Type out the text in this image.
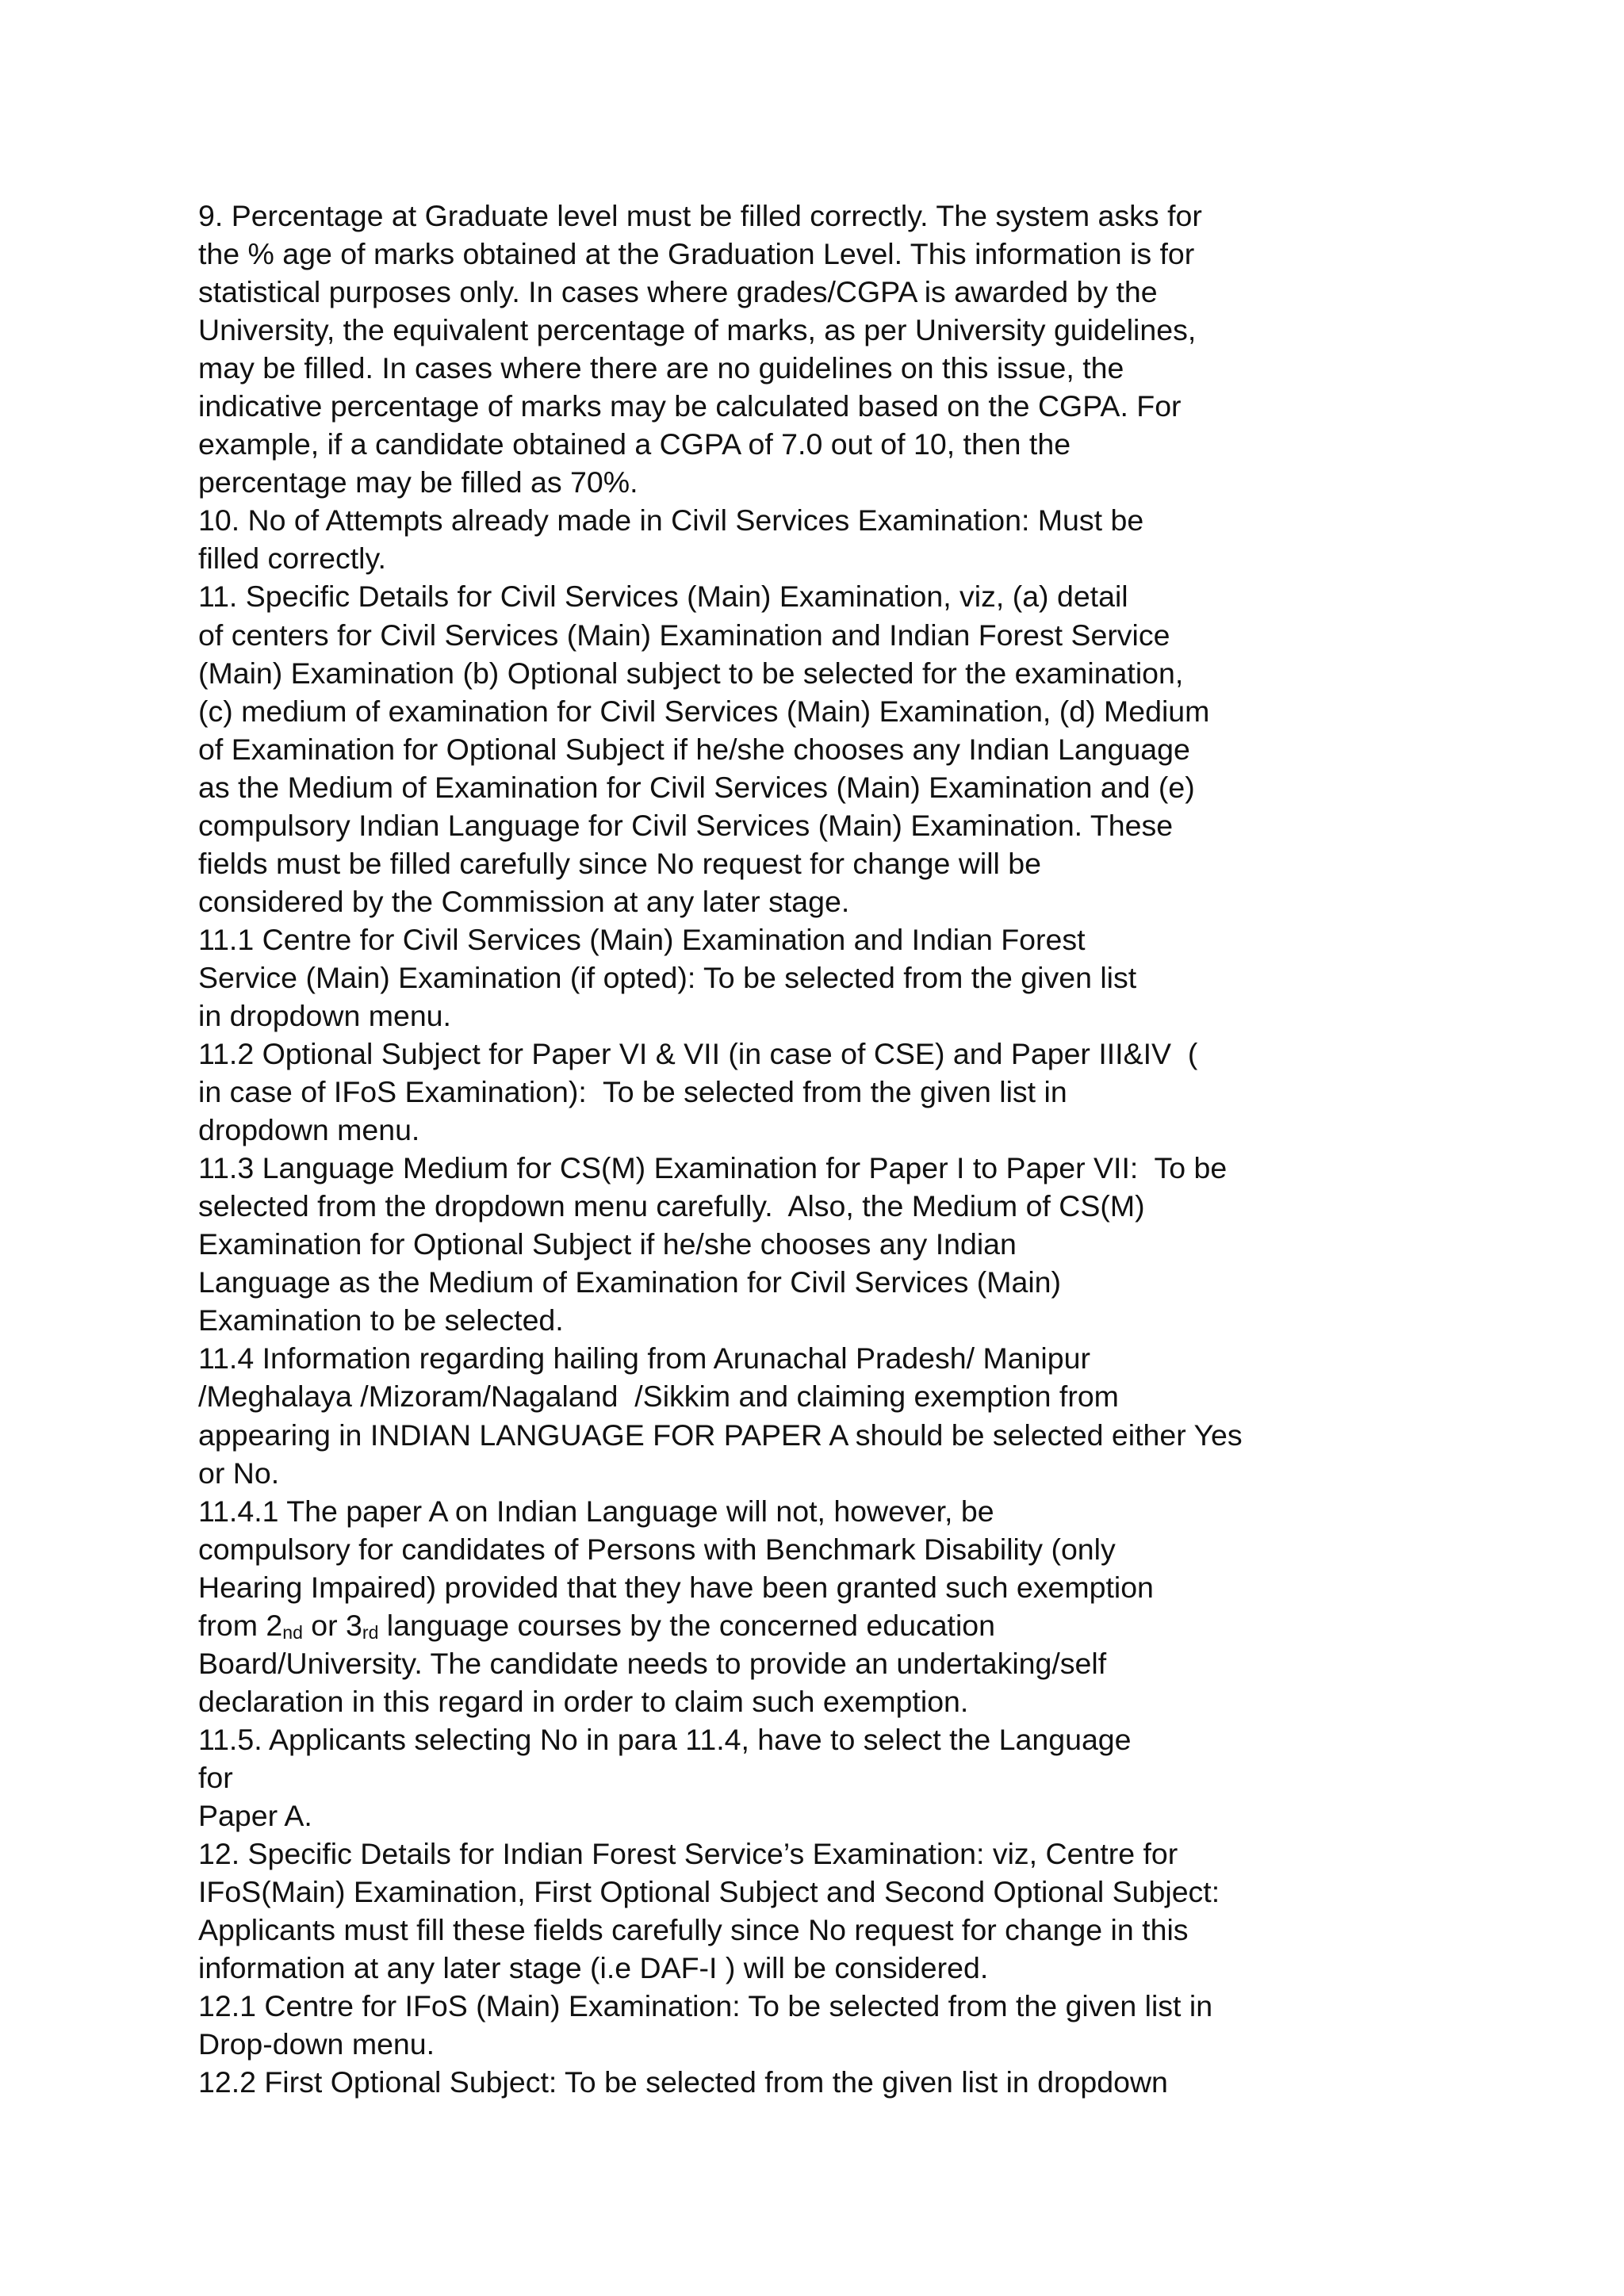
9. Percentage at Graduate level must be filled correctly. The system asks for
the % age of marks obtained at the Graduation Level. This information is for
statistical purposes only. In cases where grades/CGPA is awarded by the
University, the equivalent percentage of marks, as per University guidelines,
may be filled. In cases where there are no guidelines on this issue, the
indicative percentage of marks may be calculated based on the CGPA. For
example, if a candidate obtained a CGPA of 7.0 out of 10, then the
percentage may be filled as 70%.
10. No of Attempts already made in Civil Services Examination: Must be
filled correctly.
11. Specific Details for Civil Services (Main) Examination, viz, (a) detail
of centers for Civil Services (Main) Examination and Indian Forest Service
(Main) Examination (b) Optional subject to be selected for the examination,
(c) medium of examination for Civil Services (Main) Examination, (d) Medium
of Examination for Optional Subject if he/she chooses any Indian Language
as the Medium of Examination for Civil Services (Main) Examination and (e)
compulsory Indian Language for Civil Services (Main) Examination. These
fields must be filled carefully since No request for change will be
considered by the Commission at any later stage.
11.1 Centre for Civil Services (Main) Examination and Indian Forest
Service (Main) Examination (if opted): To be selected from the given list
in dropdown menu.
11.2 Optional Subject for Paper VI & VII (in case of CSE) and Paper III&IV  (
in case of IFoS Examination):  To be selected from the given list in
dropdown menu.
11.3 Language Medium for CS(M) Examination for Paper I to Paper VII:  To be
selected from the dropdown menu carefully.  Also, the Medium of CS(M)
Examination for Optional Subject if he/she chooses any Indian
Language as the Medium of Examination for Civil Services (Main)
Examination to be selected.
11.4 Information regarding hailing from Arunachal Pradesh/ Manipur
/Meghalaya /Mizoram/Nagaland  /Sikkim and claiming exemption from
appearing in INDIAN LANGUAGE FOR PAPER A should be selected either Yes
or No.
11.4.1 The paper A on Indian Language will not, however, be
compulsory for candidates of Persons with Benchmark Disability (only
Hearing Impaired) provided that they have been granted such exemption
from 2nd or 3rd language courses by the concerned education
Board/University. The candidate needs to provide an undertaking/self
declaration in this regard in order to claim such exemption.
11.5. Applicants selecting No in para 11.4, have to select the Language
for
Paper A.
12. Specific Details for Indian Forest Service’s Examination: viz, Centre for
IFoS(Main) Examination, First Optional Subject and Second Optional Subject:
Applicants must fill these fields carefully since No request for change in this
information at any later stage (i.e DAF-I ) will be considered.
12.1 Centre for IFoS (Main) Examination: To be selected from the given list in
Drop-down menu.
12.2 First Optional Subject: To be selected from the given list in dropdown
